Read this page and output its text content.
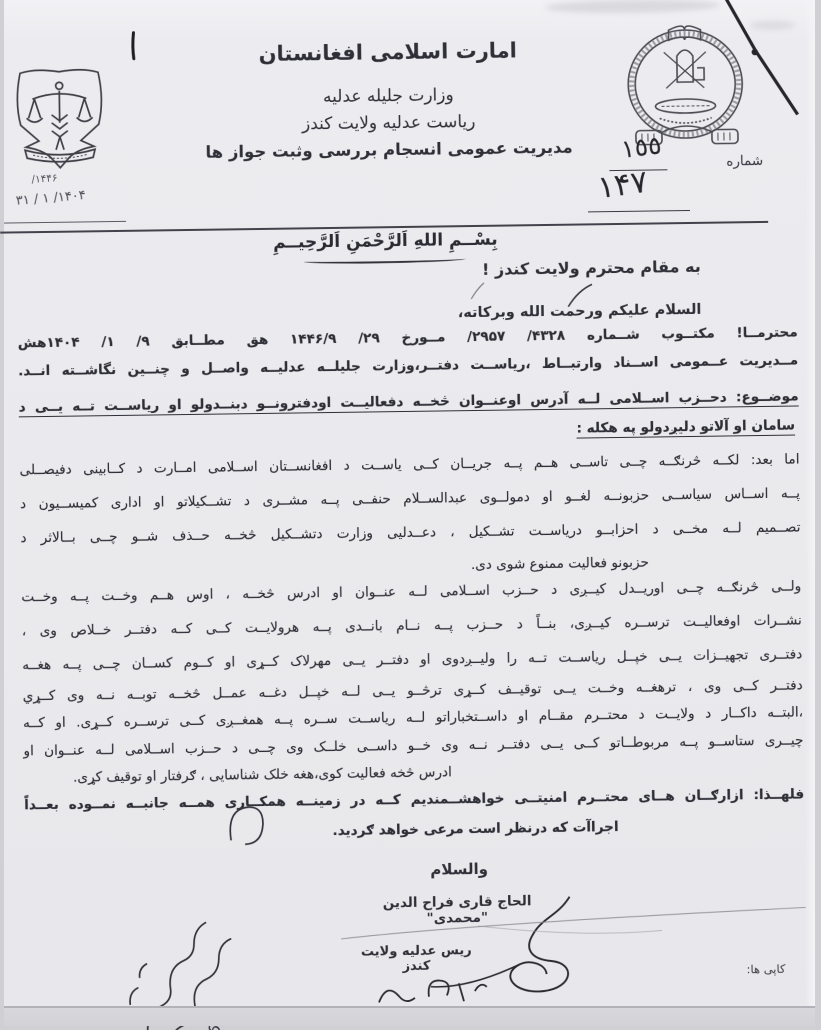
امارت اسلامی افغانستان
وزارت جلیله عدلیه
ریاست عدلیه ولایت کندز
مدیریت عمومی انسجام بررسی وثبت جواز ها	شماره
١٥٥
١۴٧
١۴۴۶/
١۴٠۴/ ١ / ٣١
بِسْــمِ اللهِ اَلرَّحْمَنِ اَلرَّحِيــمِ
به مقام محترم ولایت کندز !
السلام علیکم ورحمت الله وبرکاته،
محترمــا! مکتــوب شــماره ۴۳۲۸/ ۲۹۵۷/ مــورخ ۲۹/ ۱۴۴۶/۹ هق مطــابق ۹/ ۱/ ۱۴۰۴هش
مــدیریت عــمومی اســناد وارتبــاط ،ریاســت دفتــر،وزارت جلیلــه عدلیــه واصــل و چنــین نگاشــته انــد.
موضــوع: دحــزب اســلامی لــه آدرس اوعنــوان څخــه دفعالیــت اودفترونــو دبنــدولو او ریاســت تــه یــی د
سامان او آلاتو دلیږدولو په هکله :
اما بعد: لکــه څرنګــه چــی تاســی هــم پــه جریــان کــی یاســت د افغانســتان اســلامی امــارت د کــابینی دفیصــلی
پــه اســاس سیاســی حزبونــه لغــو او دمولــوی عبدالســلام حنفــی پــه مشــری د تشــکیلاتو او اداری کمیســیون د
تصــمیم لــه مخــی د احزابــو دریاســت تشــکیل ، دعــدلیی وزارت دتشــکیل څخــه حــذف شــو چــی بــالاثر د
حزبونو فعالیت ممنوع شوی دی.
ولــی څرنګــه چــی اوریــدل کیــږی د حــزب اســلامی لــه عنــوان او ادرس څخــه ، اوس هــم وخــت پــه وخــت
نشــرات اوفعالیــت ترســره کیــږی، بنــاً د حــزب پــه نــام بانــدی پــه هرولایــت کــی کــه دفتــر خــلاص وی ،
دفتــری تجهیــزات یــی خپــل ریاســت تــه را ولیــږدوی او دفتــر یــی مهرلاک کــړی او کــوم کســان چــی پــه هغــه
دفتــر کــی وی ، ترهغــه وخــت یــی توقیــف کــړی ترڅــو یــی لــه خپــل دغــه عمــل څخــه توبــه نــه وی کــړي
،البتــه داکــار د ولایــت د محتــرم مقــام او داســتخباراتو لــه ریاســت ســره پــه همغــږی کــی ترســره کــړی. او کــه
چیــری ستاســو پــه مربوطــاتو کــی یــی دفتــر نــه وی خــو داســی خلــک وی چــی د حــزب اســلامی لــه عنــوان او
ادرس څخه فعالیت کوی،هغه خلک شناسایی ، ګرفتار او توقیف کړی.
فلهــذا: ازارګــان هــای محتــرم امنیتــی خواهشــمندیم کــه در زمینــه همکــاری همــه جانبــه نمــوده بعــداً
اجراآت که درنظر است مرعی خواهد ګردید.
والسلام
الحاج قاری فراح الدین "محمدی"
ریس عدلیه ولایت کندز	کاپی ها:
